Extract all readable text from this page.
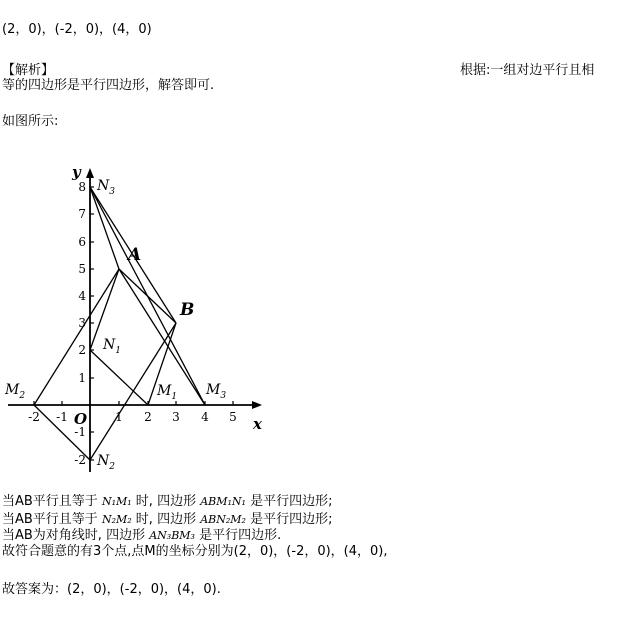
(2，0)，(-2，0)，(4，0)
【解析】	根据:一组对边平行且相
等的四边形是平行四边形，解答即可.
如图所示:
-2 -1	1 2 3 4 5
-2
-1
1
2
3
4
5
6
7
8
x
y
O
A
B
$N_3$
$N_1$
$N_2$
$M_1$
$M_2$	$M_3$
当AB平行且等于 N₁M₁ 时, 四边形 ABM₁N₁ 是平行四边形;
当AB平行且等于 N₂M₂ 时, 四边形 ABN₂M₂ 是平行四边形;
当AB为对角线时, 四边形 AN₃BM₃ 是平行四边形.
故符合题意的有3个点,点M的坐标分别为(2，0)，(-2，0)，(4，0),
故答案为：(2，0)，(-2，0)，(4，0).
